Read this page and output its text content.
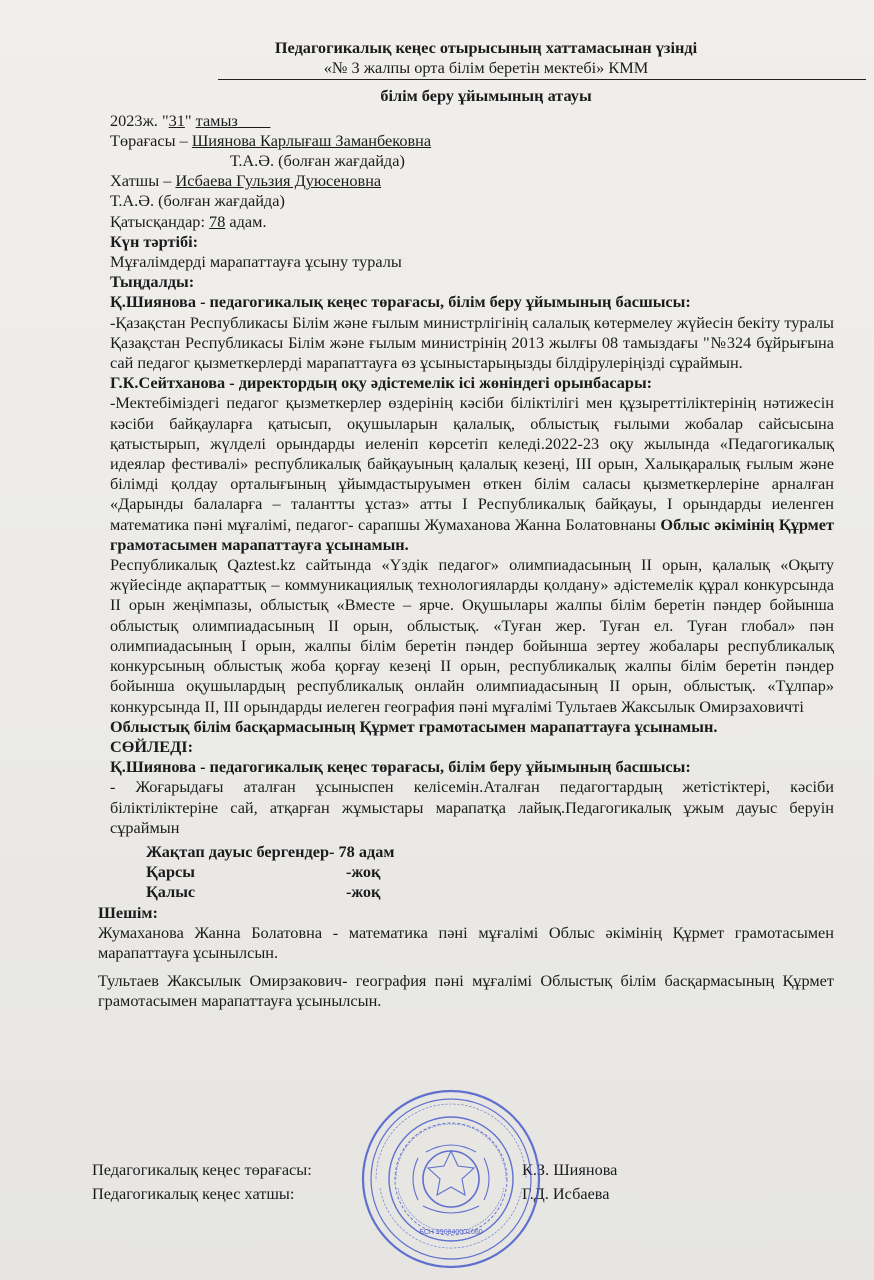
Педагогикалық кеңес отырысының хаттамасынан үзінді

«№ 3 жалпы орта білім беретін мектебі» КММ

білім беру ұйымының атауы

2023ж. "31" тамыз

Төрағасы – Шиянова Карлығаш Заманбековна

Т.А.Ә. (болған жағдайда)

Хатшы – Исбаева Гульзия Дуюсеновна

Т.А.Ә. (болған жағдайда)

Қатысқандар: 78 адам.

Күн тәртібі:

Мұғалімдерді марапаттауға ұсыну туралы

Тыңдалды:

Қ.Шиянова - педагогикалық кеңес төрағасы, білім беру ұйымының басшысы:

-Қазақстан Республикасы Білім және ғылым министрлігінің салалық көтермелеу жүйесін бекіту туралы Қазақстан Республикасы Білім және ғылым министрінің 2013 жылғы 08 тамыздағы "№324 бұйрығына сай педагог қызметкерлерді марапаттауға өз ұсыныстарыңызды білдірулеріңізді сұраймын.

Г.К.Сейтханова - директордың оқу әдістемелік ісі жөніндегі орынбасары:

-Мектебіміздегі педагог қызметкерлер өздерінің кәсіби біліктілігі мен құзыреттіліктерінің нәтижесін кәсіби байқауларға қатысып, оқушыларын қалалық, облыстық ғылыми жобалар сайсысына қатыстырып, жүлделі орындарды иеленіп көрсетіп келеді.2022-23 оқу жылында «Педагогикалық идеялар фестивалі» республикалық байқауының қалалық кезеңі, ІІІ орын, Халықаралық ғылым және білімді қолдау орталығының ұйымдастыруымен өткен білім саласы қызметкерлеріне арналған «Дарынды балаларға – талантты ұстаз» атты I Республикалық байқауы, I орындарды иеленген математика пәні мұғалімі, педагог- сарапшы Жумаханова Жанна Болатовнаны Облыс әкімінің Құрмет грамотасымен марапаттауға ұсынамын.

Республикалық Qaztest.kz сайтында «Үздік педагог» олимпиадасының ІІ орын, қалалық «Оқыту жүйесінде ақпараттық – коммуникациялық технологияларды қолдану» әдістемелік құрал конкурсында ІІ орын жеңімпазы, облыстық «Вместе – ярче. Оқушылары жалпы білім беретін пәндер бойынша облыстық олимпиадасының ІІ орын, облыстық. «Туған жер. Туған ел. Туған глобал» пән олимпиадасының І орын, жалпы білім беретін пәндер бойынша зертеу жобалары республикалық конкурсының облыстық жоба қорғау кезеңі ІІ орын, республикалық жалпы білім беретін пәндер бойынша оқушылардың республикалық онлайн олимпиадасының ІІ орын, облыстық. «Тұлпар» конкурсында ІІ, ІІІ орындарды иелеген география пәні мұғалімі Тультаев Жаксылык Омирзаховичті

Облыстық білім басқармасының Құрмет грамотасымен марапаттауға ұсынамын.

СӨЙЛЕДІ:

Қ.Шиянова - педагогикалық кеңес төрағасы, білім беру ұйымының басшысы:

- Жоғарыдағы аталған ұсыныспен келісемін.Аталған педагогтардың жетістіктері, кәсіби біліктіліктеріне сай, атқарған жұмыстары марапатқа лайық.Педагогикалық ұжым дауыс беруін сұраймын

Жақтап дауыс бергендер- 78 адам

Қарсы	-жоқ

Қалыс	-жоқ

Шешім:

Жумаханова Жанна Болатовна - математика пәні мұғалімі Облыс әкімінің Құрмет грамотасымен марапаттауға ұсынылсын.

Тультаев Жаксылык Омирзакович- география пәні мұғалімі Облыстық білім басқармасының Құрмет грамотасымен марапаттауға ұсынылсын.

Педагогикалық кеңес төрағасы:	К.З. Шиянова
Педагогикалық кеңес хатшы:	Г.Д. Исбаева
БСН 990840001060
